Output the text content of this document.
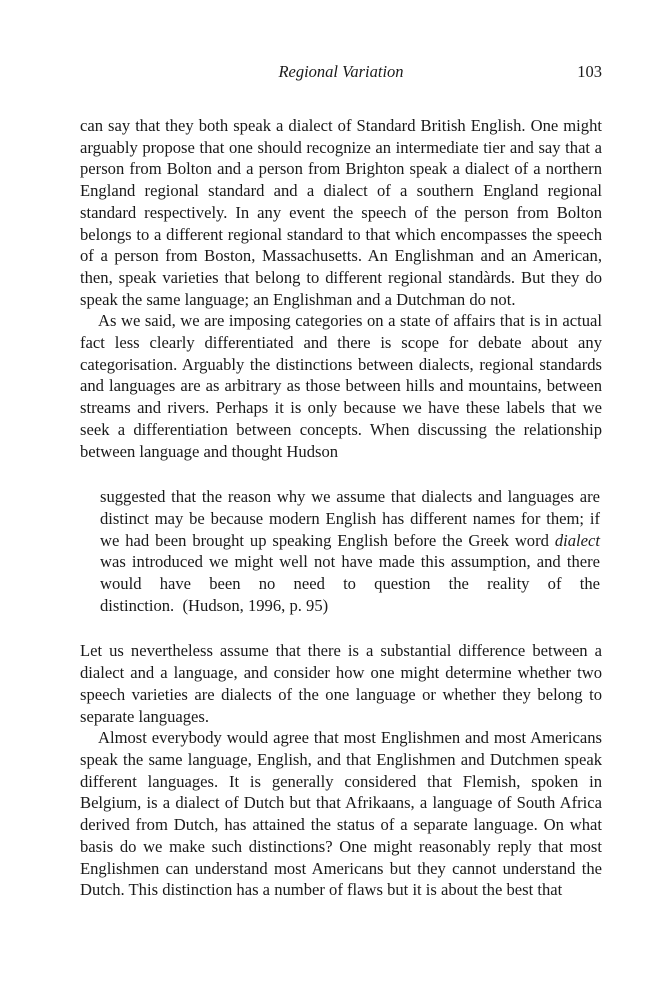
Regional Variation	103

can say that they both speak a dialect of Standard British English. One might arguably propose that one should recognize an intermediate tier and say that a person from Bolton and a person from Brighton speak a dialect of a northern England regional standard and a dialect of a southern England regional standard respectively. In any event the speech of the person from Bolton belongs to a different regional standard to that which encompasses the speech of a person from Boston, Massachusetts. An Englishman and an American, then, speak varieties that belong to different regional standàrds. But they do speak the same language; an Englishman and a Dutchman do not.

As we said, we are imposing categories on a state of affairs that is in actual fact less clearly differentiated and there is scope for debate about any categorisation. Arguably the distinctions between dialects, regional standards and languages are as arbitrary as those between hills and mountains, between streams and rivers. Perhaps it is only because we have these labels that we seek a differentiation between concepts. When discussing the relationship between language and thought Hudson

suggested that the reason why we assume that dialects and languages are distinct may be because modern English has different names for them; if we had been brought up speaking English before the Greek word dialect was introduced we might well not have made this assumption, and there would have been no need to question the reality of the distinction. (Hudson, 1996, p. 95)

Let us nevertheless assume that there is a substantial difference between a dialect and a language, and consider how one might determine whether two speech varieties are dialects of the one language or whether they belong to separate languages.

Almost everybody would agree that most Englishmen and most Americans speak the same language, English, and that Englishmen and Dutchmen speak different languages. It is generally considered that Flemish, spoken in Belgium, is a dialect of Dutch but that Afrikaans, a language of South Africa derived from Dutch, has attained the status of a separate language. On what basis do we make such distinctions? One might reasonably reply that most Englishmen can understand most Americans but they cannot understand the Dutch. This distinction has a number of flaws but it is about the best that
